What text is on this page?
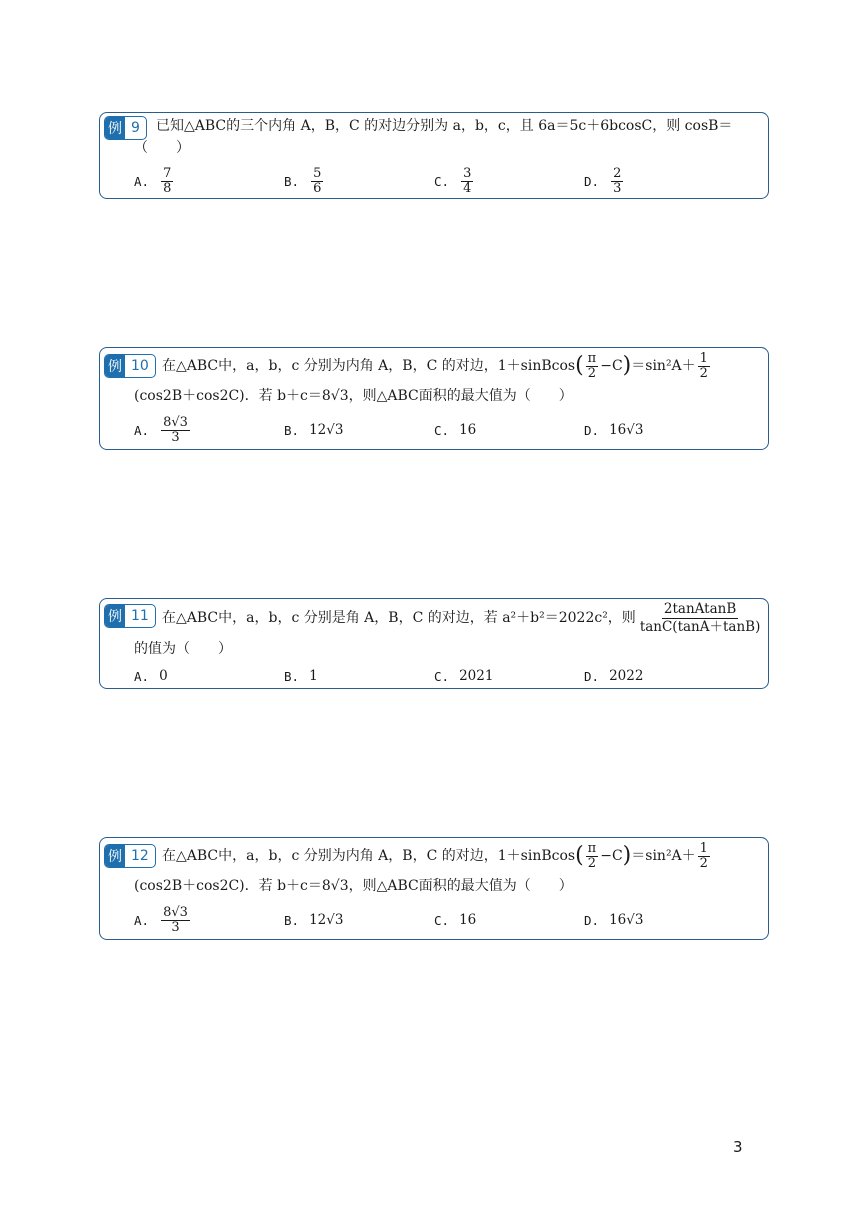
例 9	已知△ABC的三个内角 A，B，C 的对边分别为 a，b，c，且 6a＝5c＋6bcosC，则 cosB＝
（　　）
A. $\frac{7}{8}$	B. $\frac{5}{6}$	C. $\frac{3}{4}$	D. $\frac{2}{3}$
例 10 在△ABC中，a，b，c 分别为内角 A，B，C 的对边，1＋sinBcos ( $\frac{\pi}{2} -C$ ) $=\sin^2A+ \frac{1}{2}$
(cos2B＋cos2C)．若 b＋c＝8√3，则△ABC面积的最大值为（　　）
A. $\frac{8√3}{3}$	B. 12√3	C. 16	D. 16√3
例 11 在△ABC中，a，b，c 分别是角 A，B，C 的对边，若 a²＋b²＝2022c²，则 $\frac{\text{2tanAtanB}}{\tan C(\tan A+\tan B)}$
的值为（　　）
A. 0	B. 1	C. 2021	D. 2022
例 12 在△ABC中，a，b，c 分别为内角 A，B，C 的对边，1＋sinBcos ( $\frac{\pi}{2} -C$ ) $=\sin^2A+ \frac{1}{2}$
(cos2B＋cos2C)．若 b＋c＝8√3，则△ABC面积的最大值为（　　）
A. $\frac{8√3}{3}$	B. 12√3	C. 16	D. 16√3
3
